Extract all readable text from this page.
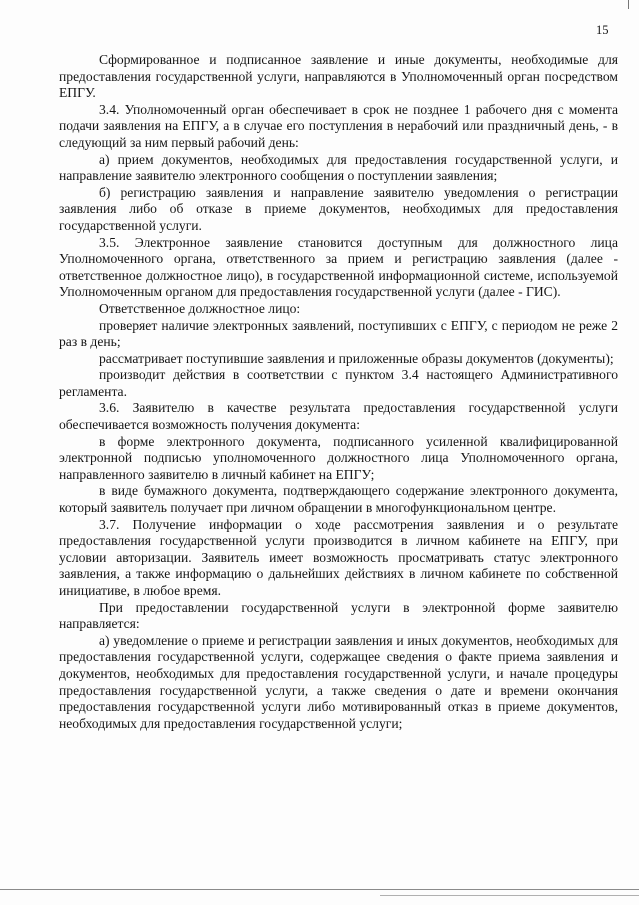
15

Сформированное и подписанное заявление и иные документы, необходимые для предоставления государственной услуги, направляются в Уполномоченный орган посредством ЕПГУ.

3.4. Уполномоченный орган обеспечивает в срок не позднее 1 рабочего дня с момента подачи заявления на ЕПГУ, а в случае его поступления в нерабочий или праздничный день, - в следующий за ним первый рабочий день:

а) прием документов, необходимых для предоставления государственной услуги, и направление заявителю электронного сообщения о поступлении заявления;

б) регистрацию заявления и направление заявителю уведомления о регистрации заявления либо об отказе в приеме документов, необходимых для предоставления государственной услуги.

3.5. Электронное заявление становится доступным для должностного лица Уполномоченного органа, ответственного за прием и регистрацию заявления (далее - ответственное должностное лицо), в государственной информационной системе, используемой Уполномоченным органом для предоставления государственной услуги (далее - ГИС).

Ответственное должностное лицо:

проверяет наличие электронных заявлений, поступивших с ЕПГУ, с периодом не реже 2 раз в день;

рассматривает поступившие заявления и приложенные образы документов (документы);

производит действия в соответствии с пунктом 3.4 настоящего Административного регламента.

3.6. Заявителю в качестве результата предоставления государственной услуги обеспечивается возможность получения документа:

в форме электронного документа, подписанного усиленной квалифицированной электронной подписью уполномоченного должностного лица Уполномоченного органа, направленного заявителю в личный кабинет на ЕПГУ;

в виде бумажного документа, подтверждающего содержание электронного документа, который заявитель получает при личном обращении в многофункциональном центре.

3.7. Получение информации о ходе рассмотрения заявления и о результате предоставления государственной услуги производится в личном кабинете на ЕПГУ, при условии авторизации. Заявитель имеет возможность просматривать статус электронного заявления, а также информацию о дальнейших действиях в личном кабинете по собственной инициативе, в любое время.

При предоставлении государственной услуги в электронной форме заявителю направляется:

а) уведомление о приеме и регистрации заявления и иных документов, необходимых для предоставления государственной услуги, содержащее сведения о факте приема заявления и документов, необходимых для предоставления государственной услуги, и начале процедуры предоставления государственной услуги, а также сведения о дате и времени окончания предоставления государственной услуги либо мотивированный отказ в приеме документов, необходимых для предоставления государственной услуги;
